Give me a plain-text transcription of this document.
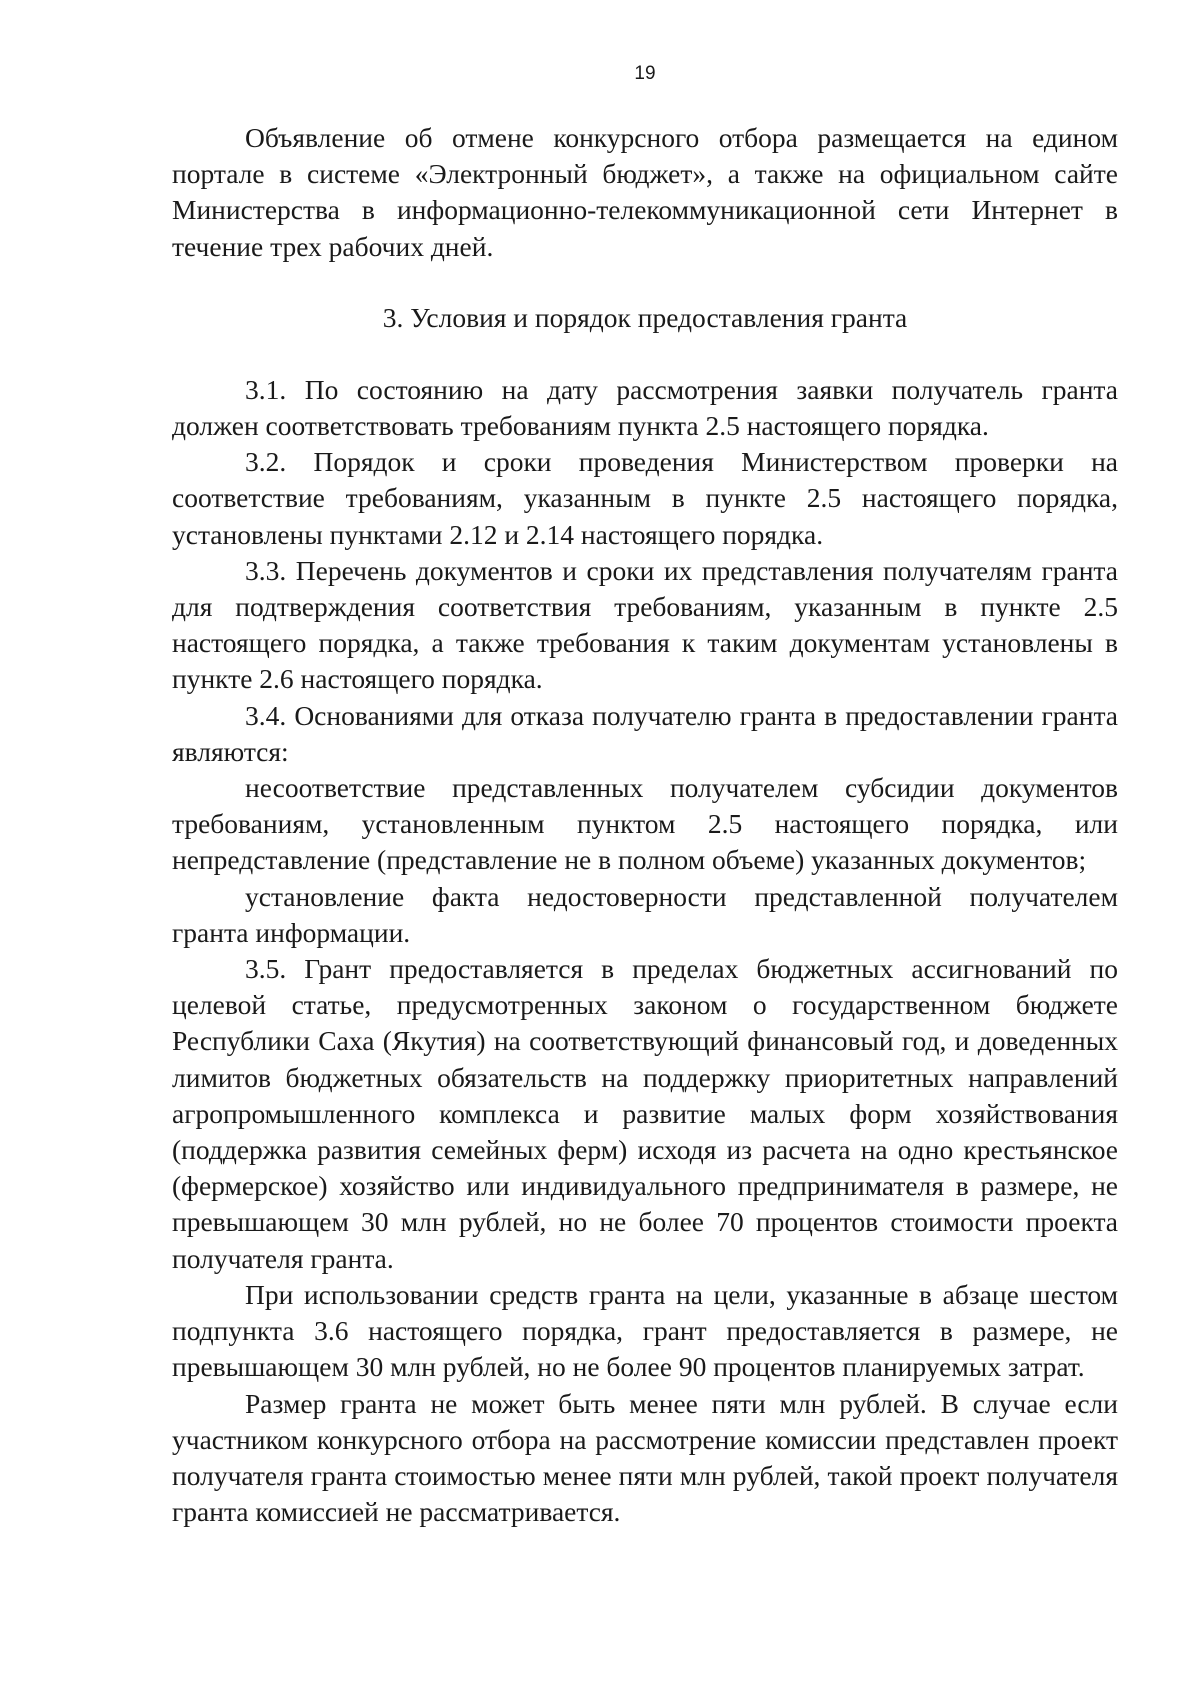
19

Объявление об отмене конкурсного отбора размещается на едином портале в системе «Электронный бюджет», а также на официальном сайте Министерства в информационно-телекоммуникационной сети Интернет в течение трех рабочих дней.

3. Условия и порядок предоставления гранта

3.1. По состоянию на дату рассмотрения заявки получатель гранта должен соответствовать требованиям пункта 2.5 настоящего порядка.

3.2. Порядок и сроки проведения Министерством проверки на соответствие требованиям, указанным в пункте 2.5 настоящего порядка, установлены пунктами 2.12 и 2.14 настоящего порядка.

3.3. Перечень документов и сроки их представления получателям гранта для подтверждения соответствия требованиям, указанным в пункте 2.5 настоящего порядка, а также требования к таким документам установлены в пункте 2.6 настоящего порядка.

3.4. Основаниями для отказа получателю гранта в предоставлении гранта являются:

несоответствие представленных получателем субсидии документов требованиям, установленным пунктом 2.5 настоящего порядка, или непредставление (представление не в полном объеме) указанных документов;

установление факта недостоверности представленной получателем гранта информации.

3.5. Грант предоставляется в пределах бюджетных ассигнований по целевой статье, предусмотренных законом о государственном бюджете Республики Саха (Якутия) на соответствующий финансовый год, и доведенных лимитов бюджетных обязательств на поддержку приоритетных направлений агропромышленного комплекса и развитие малых форм хозяйствования (поддержка развития семейных ферм) исходя из расчета на одно крестьянское (фермерское) хозяйство или индивидуального предпринимателя в размере, не превышающем 30 млн рублей, но не более 70 процентов стоимости проекта получателя гранта.

При использовании средств гранта на цели, указанные в абзаце шестом подпункта 3.6 настоящего порядка, грант предоставляется в размере, не превышающем 30 млн рублей, но не более 90 процентов планируемых затрат.

Размер гранта не может быть менее пяти млн рублей. В случае если участником конкурсного отбора на рассмотрение комиссии представлен проект получателя гранта стоимостью менее пяти млн рублей, такой проект получателя гранта комиссией не рассматривается.
